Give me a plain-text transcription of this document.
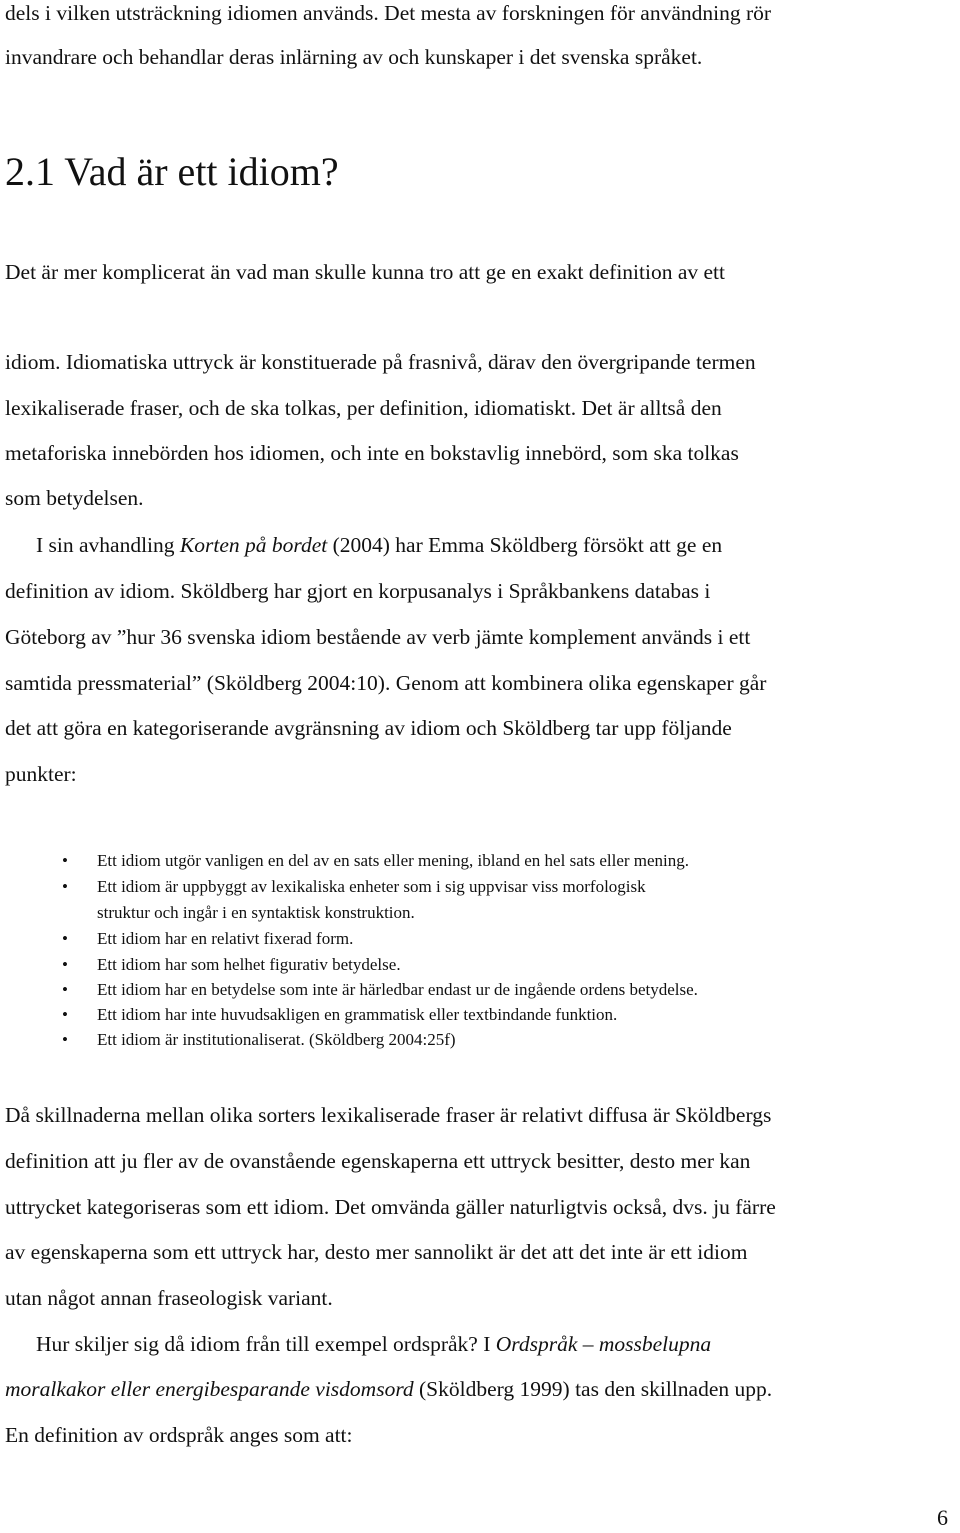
dels i vilken utsträckning idiomen används. Det mesta av forskningen för användning rör
invandrare och behandlar deras inlärning av och kunskaper i det svenska språket.
2.1 Vad är ett idiom?
Det är mer komplicerat än vad man skulle kunna tro att ge en exakt definition av ett
idiom. Idiomatiska uttryck är konstituerade på frasnivå, därav den övergripande termen
lexikaliserade fraser, och de ska tolkas, per definition, idiomatiskt. Det är alltså den
metaforiska innebörden hos idiomen, och inte en bokstavlig innebörd, som ska tolkas
som betydelsen.
I sin avhandling Korten på bordet (2004) har Emma Sköldberg försökt att ge en
definition av idiom. Sköldberg har gjort en korpusanalys i Språkbankens databas i
Göteborg av ”hur 36 svenska idiom bestående av verb jämte komplement används i ett
samtida pressmaterial” (Sköldberg 2004:10). Genom att kombinera olika egenskaper går
det att göra en kategoriserande avgränsning av idiom och Sköldberg tar upp följande
punkter:
• Ett idiom utgör vanligen en del av en sats eller mening, ibland en hel sats eller mening.
• Ett idiom är uppbyggt av lexikaliska enheter som i sig uppvisar viss morfologisk
struktur och ingår i en syntaktisk konstruktion.
• Ett idiom har en relativt fixerad form.
• Ett idiom har som helhet figurativ betydelse.
• Ett idiom har en betydelse som inte är härledbar endast ur de ingående ordens betydelse.
• Ett idiom har inte huvudsakligen en grammatisk eller textbindande funktion.
• Ett idiom är institutionaliserat. (Sköldberg 2004:25f)
Då skillnaderna mellan olika sorters lexikaliserade fraser är relativt diffusa är Sköldbergs
definition att ju fler av de ovanstående egenskaperna ett uttryck besitter, desto mer kan
uttrycket kategoriseras som ett idiom. Det omvända gäller naturligtvis också, dvs. ju färre
av egenskaperna som ett uttryck har, desto mer sannolikt är det att det inte är ett idiom
utan något annan fraseologisk variant.
Hur skiljer sig då idiom från till exempel ordspråk? I Ordspråk – mossbelupna
moralkakor eller energibesparande visdomsord (Sköldberg 1999) tas den skillnaden upp.
En definition av ordspråk anges som att:
6
